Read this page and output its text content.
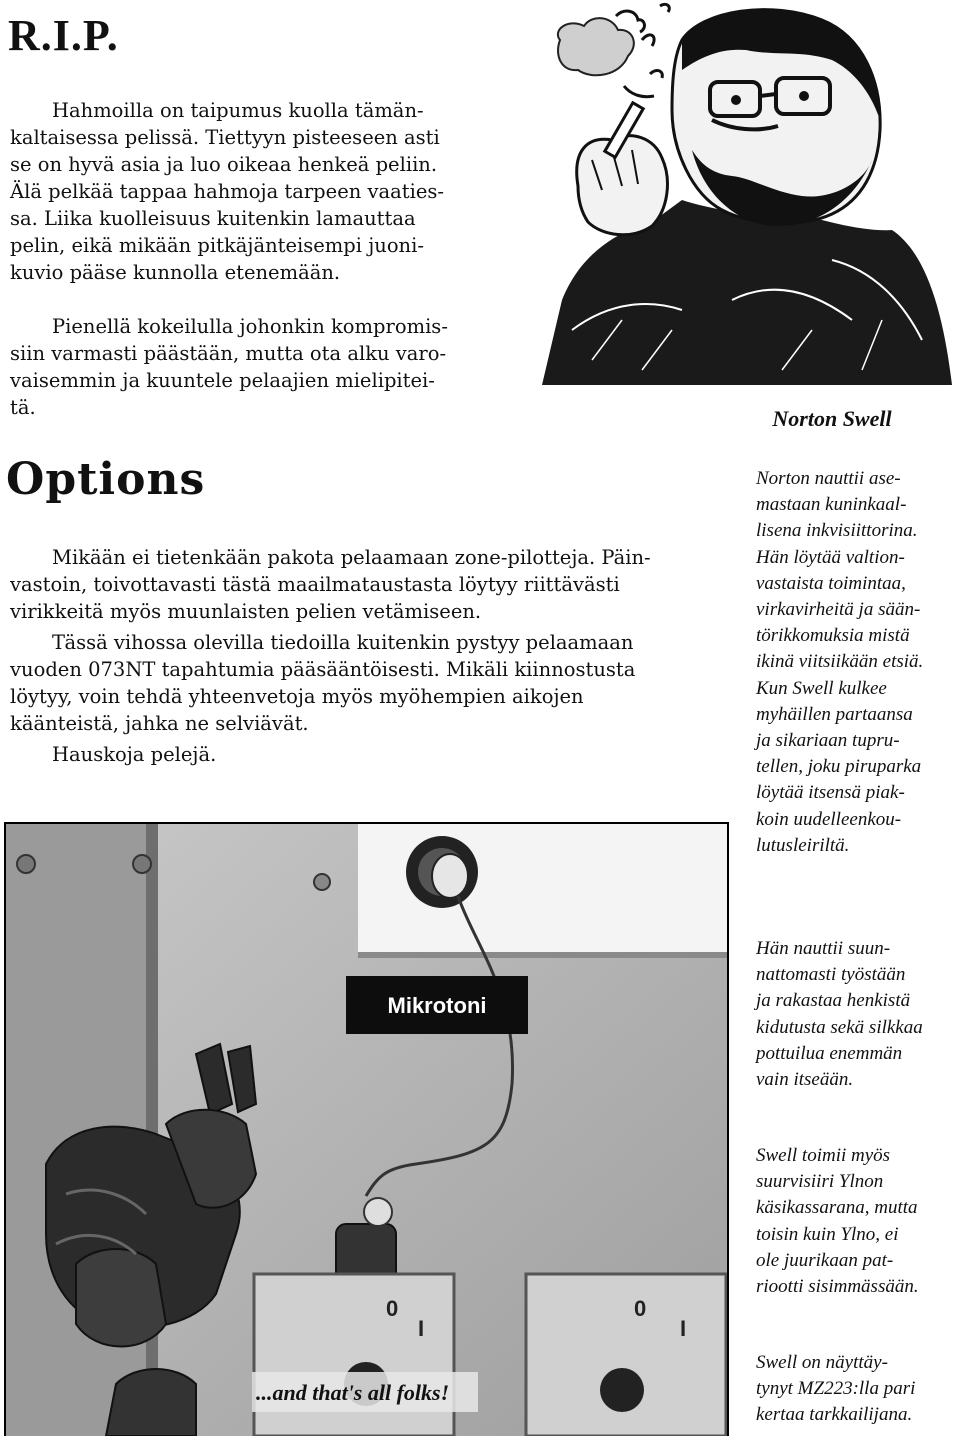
R.I.P.
Hahmoilla on taipumus kuolla tämän-
kaltaisessa pelissä. Tiettyyn pisteeseen asti
se on hyvä asia ja luo oikeaa henkeä peliin.
Älä pelkää tappaa hahmoja tarpeen vaaties-
sa. Liika kuolleisuus kuitenkin lamauttaa
pelin, eikä mikään pitkäjänteisempi juoni-
kuvio pääse kunnolla etenemään.
Pienellä kokeilulla johonkin kompromis-
siin varmasti päästään, mutta ota alku varo-
vaisemmin ja kuuntele pelaajien mielipitei-
tä.
Options
Mikään ei tietenkään pakota pelaamaan zone-pilotteja. Päin-
vastoin, toivottavasti tästä maailmataustasta löytyy riittävästi
virikkeitä myös muunlaisten pelien vetämiseen.
Tässä vihossa olevilla tiedoilla kuitenkin pystyy pelaamaan
vuoden 073NT tapahtumia pääsääntöisesti. Mikäli kiinnostusta
löytyy, voin tehdä yhteenvetoja myös myöhempien aikojen
käänteistä, jahka ne selviävät.
Hauskoja pelejä.
Norton Swell
Norton nauttii ase-
mastaan kuninkaal-
lisena inkvisiittorina.
Hän löytää valtion-
vastaista toimintaa,
virkavirheitä ja sään-
törikkomuksia mistä
ikinä viitsiikään etsiä.
Kun Swell kulkee
myhäillen partaansa
ja sikariaan tupru-
tellen, joku piruparka
löytää itsensä piak-
koin uudelleenkou-
lutusleiriltä.
Hän nauttii suun-
nattomasti työstään
ja rakastaa henkistä
kidutusta sekä silkkaa
pottuilua enemmän
vain itseään.
Swell toimii myös
suurvisiiri Ylnon
käsikassarana, mutta
toisin kuin Ylno, ei
ole juurikaan pat-
riootti sisimmässään.
Swell on näyttäy-
tynyt MZ223:lla pari
kertaa tarkkailijana.
Mikrotoni
0
I
0
I
...and that's all folks!
